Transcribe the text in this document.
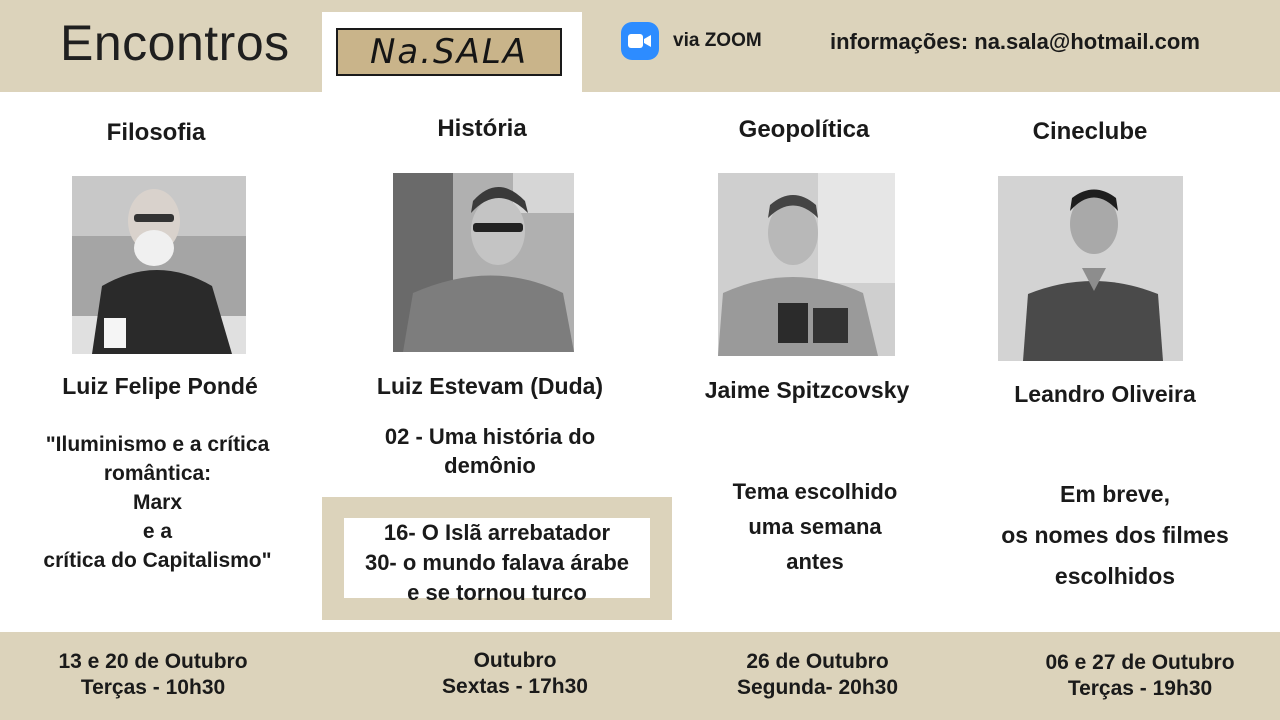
Encontros	Na.SALA	via ZOOM	informações: na.sala@hotmail.com
Filosofia	História	Geopolítica	Cineclube
Luiz Felipe Pondé	Luiz Estevam (Duda)	Jaime Spitzcovsky	Leandro Oliveira
"Iluminismo e a crítica
romântica:
Marx
e a
crítica do Capitalismo"
02 - Uma história do
demônio
16- O Islã arrebatador
30- o mundo falava árabe
e se tornou turco
Tema escolhido
uma semana
antes
Em breve,
os nomes dos filmes
escolhidos
13 e 20 de Outubro
Terças - 10h30
Outubro
Sextas - 17h30
26 de Outubro
Segunda- 20h30
06 e 27 de Outubro
Terças - 19h30
